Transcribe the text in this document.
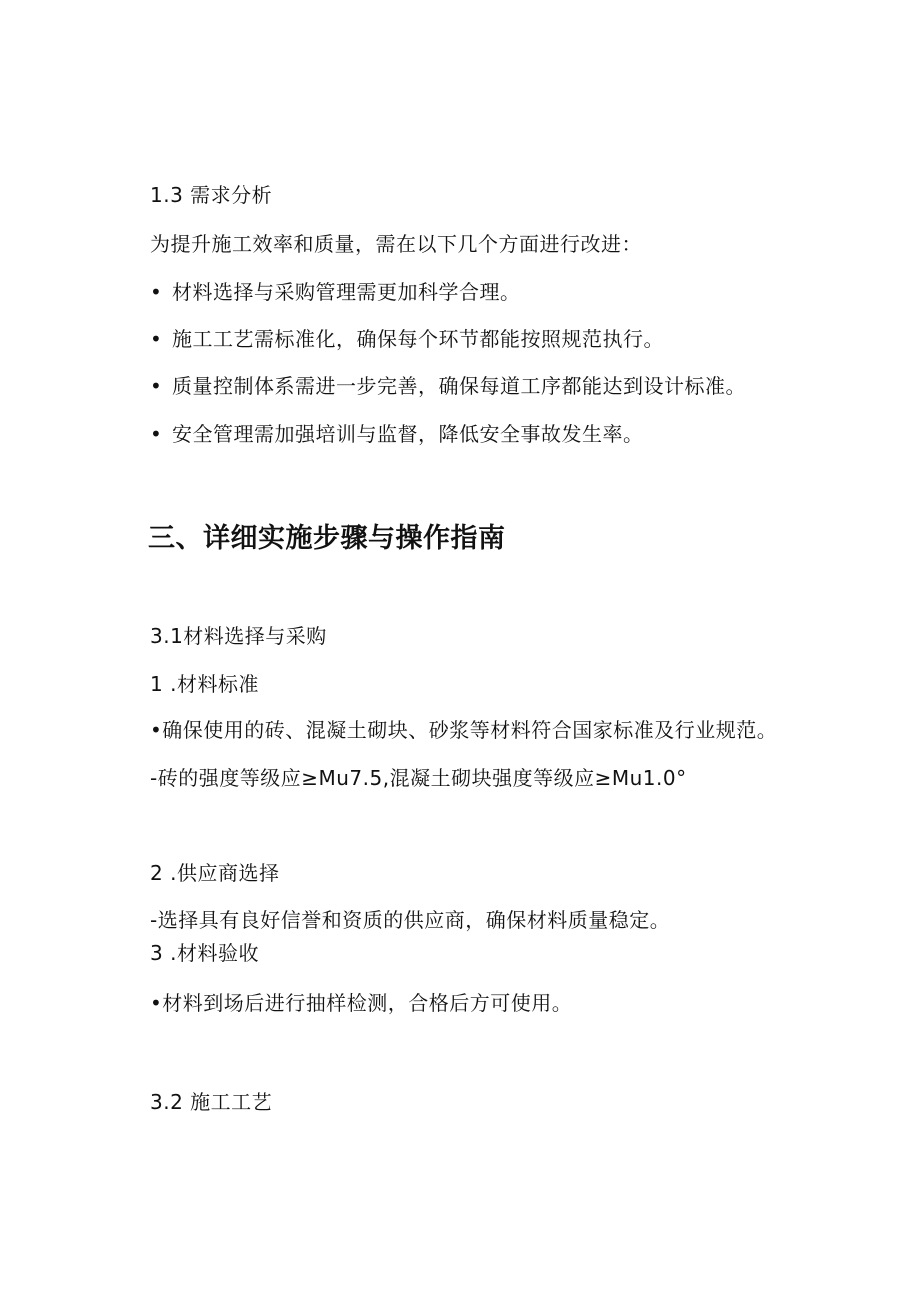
1.3 需求分析
为提升施工效率和质量，需在以下几个方面进行改进：
• 材料选择与采购管理需更加科学合理。
• 施工工艺需标准化，确保每个环节都能按照规范执行。
• 质量控制体系需进一步完善，确保每道工序都能达到设计标准。
• 安全管理需加强培训与监督，降低安全事故发生率。
三、详细实施步骤与操作指南
3.1材料选择与采购
1 .材料标准
•确保使用的砖、混凝土砌块、砂浆等材料符合国家标准及行业规范。
-砖的强度等级应≥Mu7.5,混凝土砌块强度等级应≥Mu1.0°
2 .供应商选择
-选择具有良好信誉和资质的供应商，确保材料质量稳定。
3 .材料验收
•材料到场后进行抽样检测，合格后方可使用。
3.2 施工工艺
